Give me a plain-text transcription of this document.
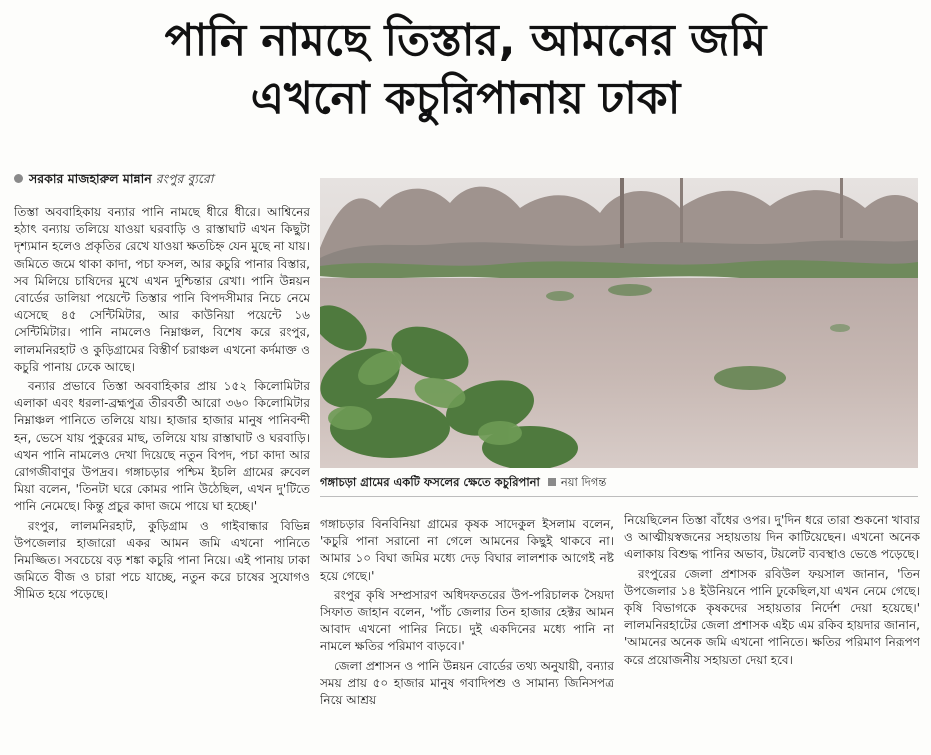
পানি নামছে তিস্তার, আমনের জমি
এখনো কচুরিপানায় ঢাকা
সরকার মাজহারুল মান্নান রংপুর ব্যুরো

তিস্তা অববাহিকায় বন্যার পানি নামছে ধীরে ধীরে। আশ্বিনের হঠাৎ বন্যায় তলিয়ে যাওয়া ঘরবাড়ি ও রাস্তাঘাট এখন কিছুটা দৃশ্যমান হলেও প্রকৃতির রেখে যাওয়া ক্ষতচিহ্ন যেন মুছে না যায়। জমিতে জমে থাকা কাদা, পচা ফসল, আর কচুরি পানার বিস্তার, সব মিলিয়ে চাষিদের মুখে এখন দুশ্চিন্তার রেখা। পানি উন্নয়ন বোর্ডের ডালিয়া পয়েন্টে তিস্তার পানি বিপদসীমার নিচে নেমে এসেছে ৪৫ সেন্টিমিটার, আর কাউনিয়া পয়েন্টে ১৬ সেন্টিমিটার। পানি নামলেও নিম্নাঞ্চল, বিশেষ করে রংপুর, লালমনিরহাট ও কুড়িগ্রামের বিস্তীর্ণ চরাঞ্চল এখনো কর্দমাক্ত ও কচুরি পানায় ঢেকে আছে।

বন্যার প্রভাবে তিস্তা অববাহিকার প্রায় ১৫২ কিলোমিটার এলাকা এবং ধরলা-ব্রহ্মপুত্র তীরবর্তী আরো ৩৬০ কিলোমিটার নিম্নাঞ্চল পানিতে তলিয়ে যায়। হাজার হাজার মানুষ পানিবন্দী হন, ভেসে যায় পুকুরের মাছ, তলিয়ে যায় রাস্তাঘাট ও ঘরবাড়ি। এখন পানি নামলেও দেখা দিয়েছে নতুন বিপদ, পচা কাদা আর রোগজীবাণুর উপদ্রব। গঙ্গাচড়ার পশ্চিম ইচলি গ্রামের রুবেল মিয়া বলেন, 'তিনটা ঘরে কোমর পানি উঠেছিল, এখন দু'টিতে পানি নেমেছে। কিন্তু প্রচুর কাদা জমে পায়ে ঘা হচ্ছে।'

রংপুর, লালমনিরহাট, কুড়িগ্রাম ও গাইবান্ধার বিভিন্ন উপজেলার হাজারো একর আমন জমি এখনো পানিতে নিমজ্জিত। সবচেয়ে বড় শঙ্কা কচুরি পানা নিয়ে। এই পানায় ঢাকা জমিতে বীজ ও চারা পচে যাচ্ছে, নতুন করে চাষের সুযোগও সীমিত হয়ে পড়েছে।

গঙ্গাচড়া গ্রামের একটি ফসলের ক্ষেতে কচুরিপানা নয়া দিগন্ত

গঙ্গাচড়ার বিনবিনিয়া গ্রামের কৃষক সাদেকুল ইসলাম বলেন, 'কচুরি পানা সরানো না গেলে আমনের কিছুই থাকবে না। আমার ১০ বিঘা জমির মধ্যে দেড় বিঘার লালশাক আগেই নষ্ট হয়ে গেছে।'

রংপুর কৃষি সম্প্রসারণ অধিদফতরের উপ-পরিচালক সৈয়দা সিফাত জাহান বলেন, 'পাঁচ জেলার তিন হাজার হেক্টর আমন আবাদ এখনো পানির নিচে। দুই একদিনের মধ্যে পানি না নামলে ক্ষতির পরিমাণ বাড়বে।'

জেলা প্রশাসন ও পানি উন্নয়ন বোর্ডের তথ্য অনুযায়ী, বন্যার সময় প্রায় ৫০ হাজার মানুষ গবাদিপশু ও সামান্য জিনিসপত্র নিয়ে আশ্রয়

নিয়েছিলেন তিস্তা বাঁধের ওপর। দু'দিন ধরে তারা শুকনো খাবার ও আত্মীয়স্বজনের সহায়তায় দিন কাটিয়েছেন। এখনো অনেক এলাকায় বিশুদ্ধ পানির অভাব, টয়লেট ব্যবস্থাও ভেঙে পড়েছে।

রংপুরের জেলা প্রশাসক রবিউল ফয়সাল জানান, 'তিন উপজেলার ১৪ ইউনিয়নে পানি ঢুকেছিল,যা এখন নেমে গেছে। কৃষি বিভাগকে কৃষকদের সহায়তার নির্দেশ দেয়া হয়েছে।' লালমনিরহাটের জেলা প্রশাসক এইচ এম রকিব হায়দার জানান, 'আমনের অনেক জমি এখনো পানিতে। ক্ষতির পরিমাণ নিরূপণ করে প্রয়োজনীয় সহায়তা দেয়া হবে।
